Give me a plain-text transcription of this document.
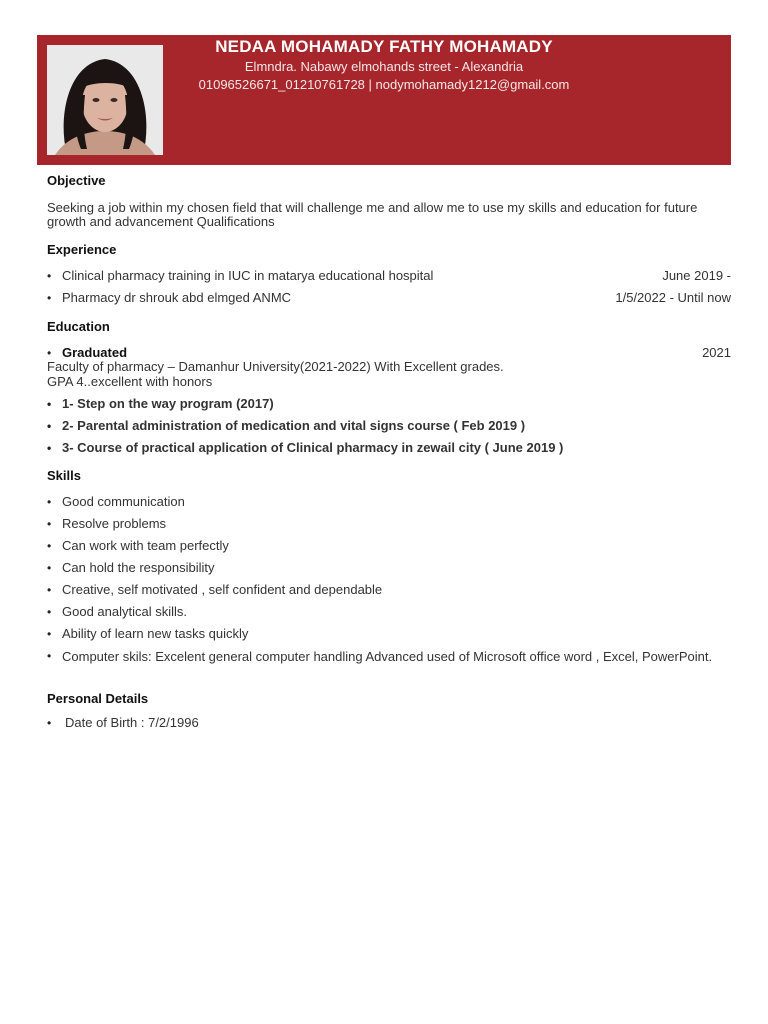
NEDAA MOHAMADY FATHY MOHAMADY
Elmndra. Nabawy elmohands street - Alexandria
01096526671_01210761728 | nodymohamady1212@gmail.com
Objective
Seeking a job within my chosen field that will challenge me and allow me to use my skills and education for future growth and advancement Qualifications
Experience
• Clinical pharmacy training in IUC in matarya educational hospital	June 2019 -
• Pharmacy dr shrouk abd elmged ANMC	1/5/2022 - Until now
Education
• Graduated	2021
Faculty of pharmacy – Damanhur University(2021-2022) With Excellent grades.
GPA 4..excellent with honors
• 1- Step on the way program (2017)
• 2- Parental administration of medication and vital signs course ( Feb 2019 )
• 3- Course of practical application of Clinical pharmacy in zewail city ( June 2019 )
Skills
• Good communication
• Resolve problems
• Can work with team perfectly
• Can hold the responsibility
• Creative, self motivated , self confident and dependable
• Good analytical skills.
• Ability of learn new tasks quickly
• Computer skils: Excelent general computer handling Advanced used of Microsoft office word , Excel, PowerPoint.
Personal Details
• Date of Birth : 7/2/1996
